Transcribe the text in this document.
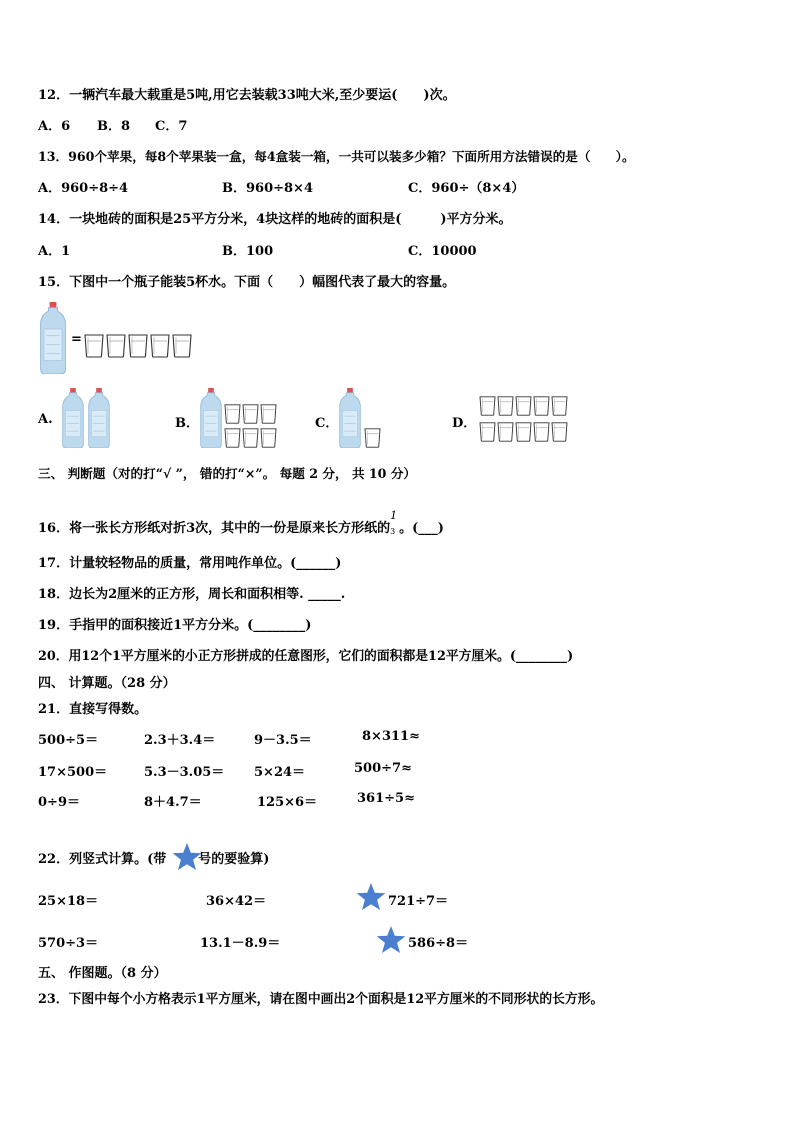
12．一辆汽车最大载重是5吨,用它去装载33吨大米,至少要运(　　)次。
A．6 B．8 C．7
13．960个苹果，每8个苹果装一盒，每4盒装一箱，一共可以装多少箱？下面所用方法错误的是（　　）。
A．960÷8÷4	B．960÷8×4	C．960÷（8×4）
14．一块地砖的面积是25平方分米，4块这样的地砖的面积是(　　　)平方分米。
A．1	B．100	C．10000
15．下图中一个瓶子能装5杯水。下面（　　）幅图代表了最大的容量。
=
A.	B．	C．	D．
三、 判断题（对的打“√ ”， 错的打“×”。 每题 2 分， 共 10 分）
16．将一张长方形纸对折3次，其中的一份是原来长方形纸的
1
3 。(___)
17．计量较轻物品的质量，常用吨作单位。(______)
18．边长为2厘米的正方形，周长和面积相等. _____.
19．手指甲的面积接近1平方分米。(________)
20．用12个1平方厘米的小正方形拼成的任意图形，它们的面积都是12平方厘米。(________)
四、 计算题。（28 分）
21．直接写得数。
500÷5＝	2.3＋3.4＝	9－3.5＝	8×311≈
17×500＝	5.3－3.05＝ 5×24＝	500÷7≈
0÷9＝	8＋4.7＝	125×6＝	361÷5≈
22．列竖式计算。(带 号的要验算)
25×18＝	36×42＝	721÷7＝
570÷3＝	13.1－8.9＝	586÷8＝
五、 作图题。（8 分）
23．下图中每个小方格表示1平方厘米，请在图中画出2个面积是12平方厘米的不同形状的长方形。
